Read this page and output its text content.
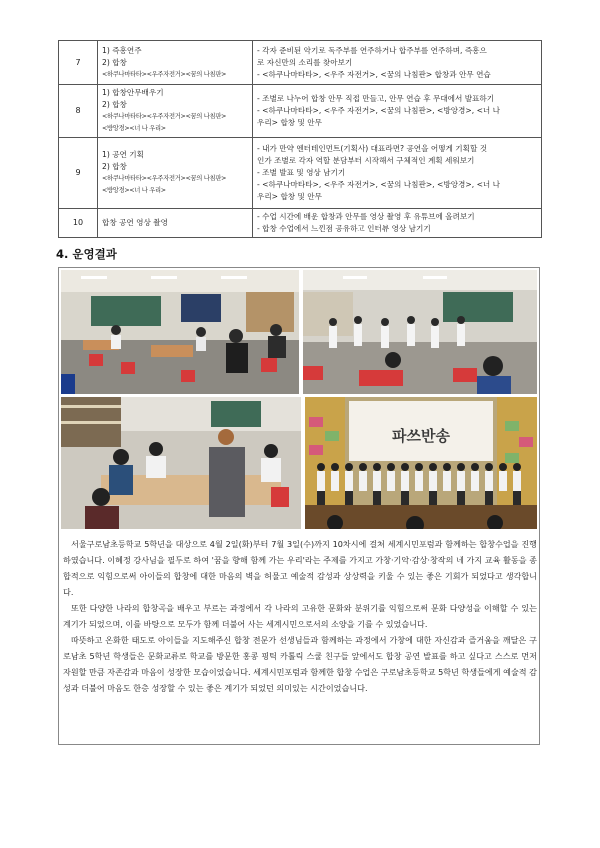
7	1) 즉흥연주
2) 합창
<하쿠나마타타><우주자전거><꿈의 나침판>	- 각자 준비된 악기로 독주부를 연주하거나 합주부를 연주하며, 즉흥으
로 자신만의 소리를 찾아보기
- <하쿠나마타타>, <우주 자전거>, <꿈의 나침판> 합창과 안무 연습

8	1) 합창안무배우기
2) 합창
<하쿠나마타타><우주자전거><꿈의 나침판>
<방앙경><너 나 우리>	- 조별로 나누어 합창 안무 직접 만들고, 안무 연습 후 무대에서 발표하기
- <하쿠나마타타>, <우주 자전거>, <꿈의 나침판>, <방앙경>, <너 나
우리> 합창 및 안무

9	1) 공연 기획
2) 합창
<하쿠나마타타><우주자전거><꿈의 나침판>
<방앙경><너 나 우리>	- 내가 만약 엔터테인먼트(기획사) 대표라면? 공연을 어떻게 기획할 것
인가 조별로 각자 역할 분담부터 시작해서 구체적인 계획 세워보기
- 조별 발표 및 영상 남기기
- <하쿠나마타타>, <우주 자전거>, <꿈의 나침판>, <방앙경>, <너 나
우리> 합창 및 안무

10	합창 공연 영상 촬영	- 수업 시간에 배운 합창과 안무를 영상 촬영 후 유튜브에 올려보기
- 합창 수업에서 느낀점 공유하고 인터뷰 영상 남기기
4. 운영결과
파쓰반송

서울구로남초등학교 5학년을 대상으로 4월 2일(화)부터 7월 3일(수)까지 10차시에 걸쳐 세계시민포럼과 함께하는 합창수업을 진행하였습니다. 이혜정 강사님을 필두로 하여 '꿈을 향해 함께 가는 우리'라는 주제를 가지고 가창·기악·감상·창작의 네 가지 교육 활동을 종합적으로 익힘으로써 아이들의 합창에 대한 마음의 벽을 허물고 예술적 감성과 상상력을 키울 수 있는 좋은 기회가 되었다고 생각합니다.

또한 다양한 나라의 합창곡을 배우고 부르는 과정에서 각 나라의 고유한 문화와 분위기를 익힘으로써 문화 다양성을 이해할 수 있는 계기가 되었으며, 이를 바탕으로 모두가 함께 더불어 사는 세계시민으로서의 소양을 기를 수 있었습니다.

따뜻하고 온화한 태도로 아이들을 지도해주신 합창 전문가 선생님들과 함께하는 과정에서 가창에 대한 자신감과 즐거움을 깨달은 구로남초 5학년 학생들은 문화교류로 학교를 방문한 홍콩 핑틱 카톨릭 스쿨 친구들 앞에서도 합창 공연 발표를 하고 싶다고 스스로 먼저 자원할 만큼 자존감과 마음이 성장한 모습이었습니다. 세계시민포럼과 함께한 합창 수업은 구로남초등학교 5학년 학생들에게 예술적 감성과 더불어 마음도 한층 성장할 수 있는 좋은 계기가 되었던 의미있는 시간이었습니다.
